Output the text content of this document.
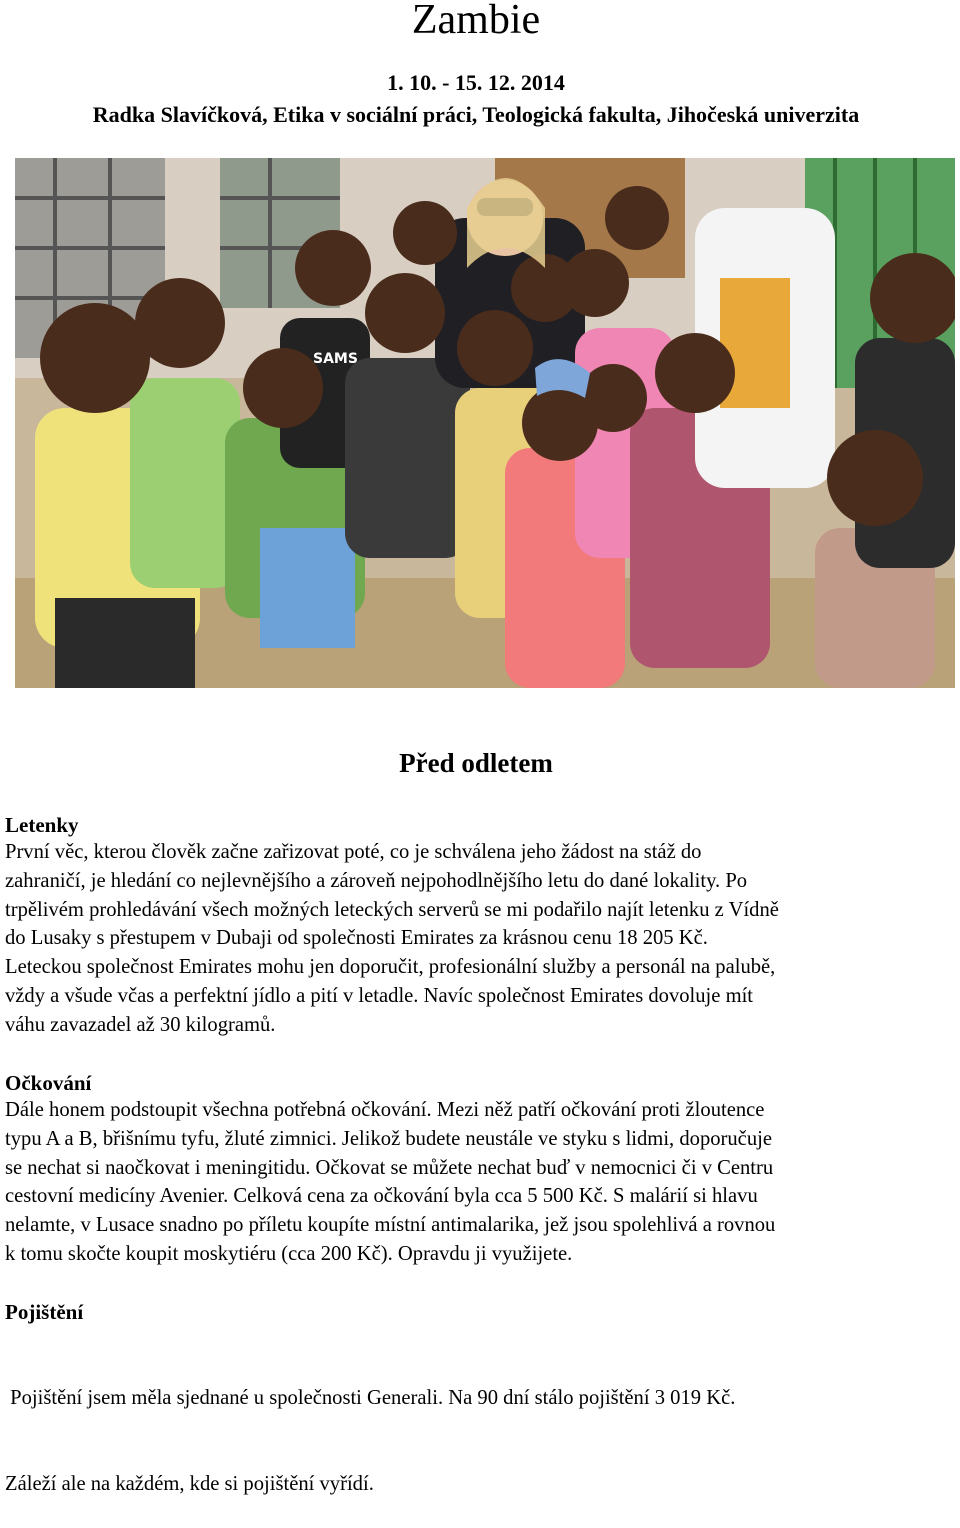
Zambie
1. 10. - 15. 12. 2014
Radka Slavíčková, Etika v sociální práci, Teologická fakulta, Jihočeská univerzita
SAMS
Před odletem
Letenky
První věc, kterou člověk začne zařizovat poté, co je schválena jeho žádost na stáž do
zahraničí, je hledání co nejlevnějšího a zároveň nejpohodlnějšího letu do dané lokality. Po
trpělivém prohledávání všech možných leteckých serverů se mi podařilo najít letenku z Vídně
do Lusaky s přestupem v Dubaji od společnosti Emirates za krásnou cenu 18 205 Kč.
Leteckou společnost Emirates mohu jen doporučit, profesionální služby a personál na palubě,
vždy a všude včas a perfektní jídlo a pití v letadle. Navíc společnost Emirates dovoluje mít
váhu zavazadel až 30 kilogramů.
Očkování
Dále honem podstoupit všechna potřebná očkování. Mezi něž patří očkování proti žloutence
typu A a B, břišnímu tyfu, žluté zimnici. Jelikož budete neustále ve styku s lidmi, doporučuje
se nechat si naočkovat i meningitidu. Očkovat se můžete nechat buď v nemocnici či v Centru
cestovní medicíny Avenier. Celková cena za očkování byla cca 5 500 Kč. S malárií si hlavu
nelamte, v Lusace snadno po příletu koupíte místní antimalarika, jež jsou spolehlivá a rovnou
k tomu skočte koupit moskytiéru (cca 200 Kč). Opravdu ji využijete.
Pojištění

Pojištění jsem měla sjednané u společnosti Generali. Na 90 dní stálo pojištění 3 019 Kč.

Záleží ale na každém, kde si pojištění vyřídí.
